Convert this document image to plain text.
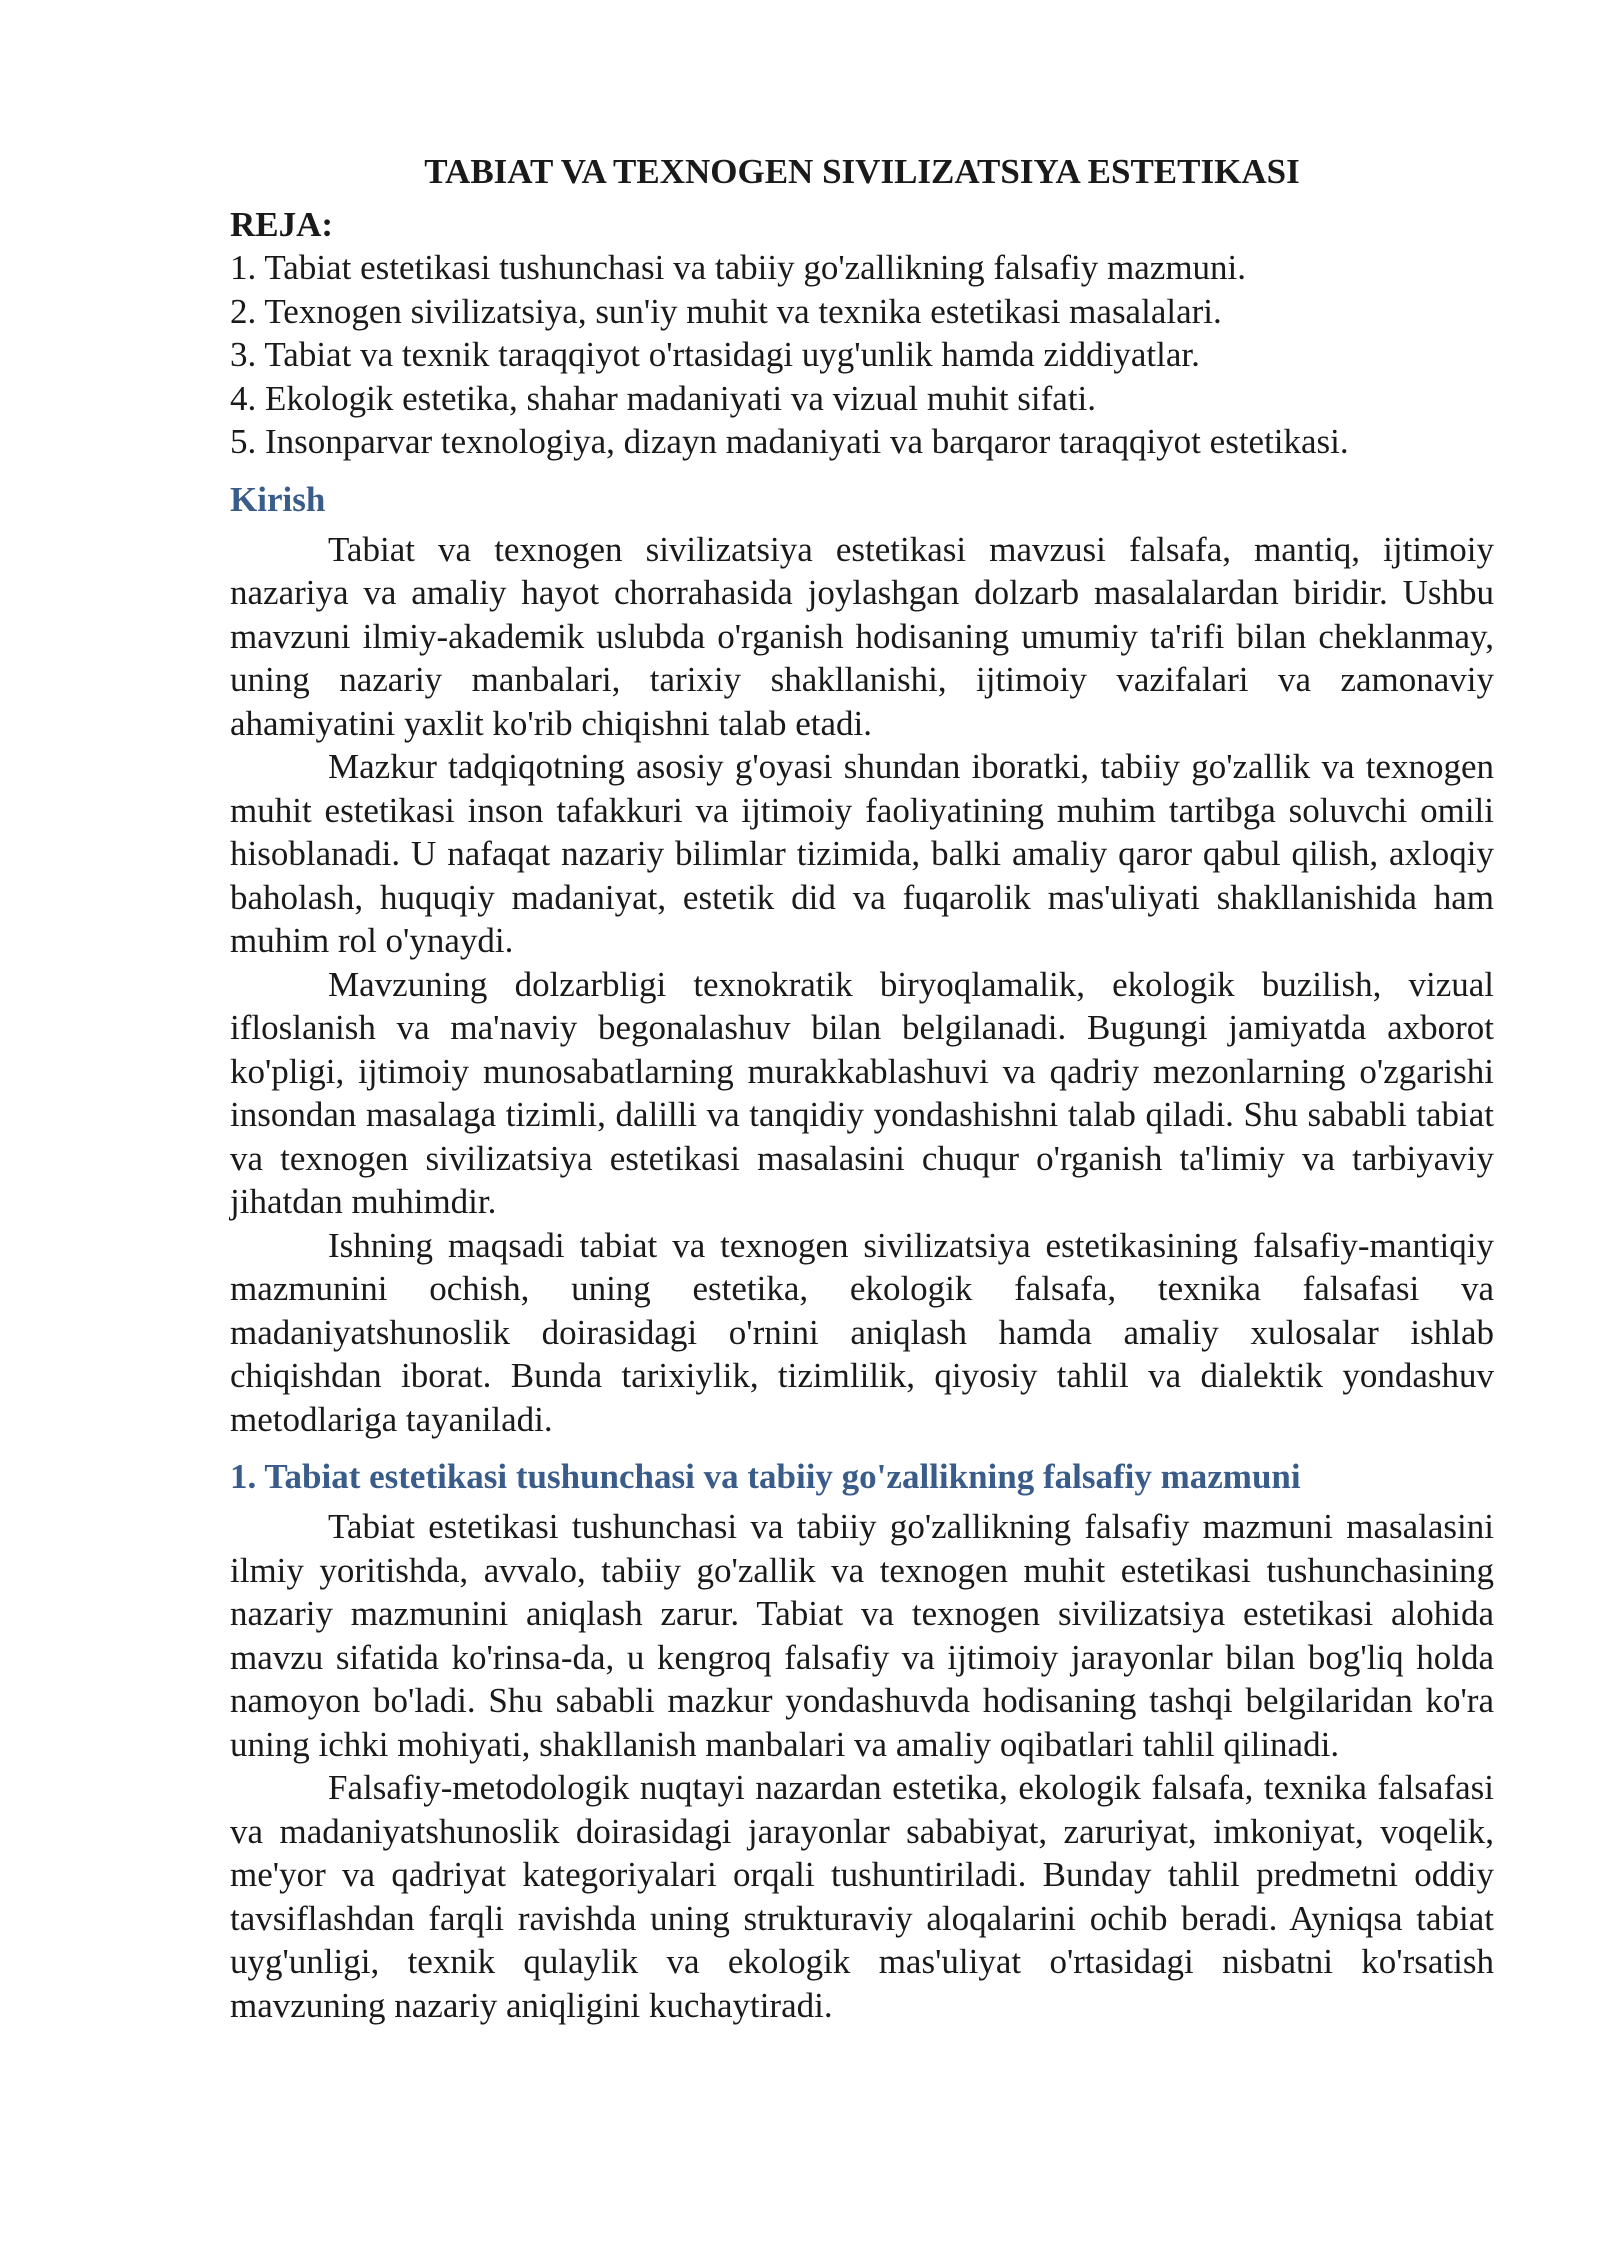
TABIAT VA TEXNOGEN SIVILIZATSIYA ESTETIKASI
REJA:
1. Tabiat estetikasi tushunchasi va tabiiy go'zallikning falsafiy mazmuni.
2. Texnogen sivilizatsiya, sun'iy muhit va texnika estetikasi masalalari.
3. Tabiat va texnik taraqqiyot o'rtasidagi uyg'unlik hamda ziddiyatlar.
4. Ekologik estetika, shahar madaniyati va vizual muhit sifati.
5. Insonparvar texnologiya, dizayn madaniyati va barqaror taraqqiyot estetikasi.
Kirish

Tabiat va texnogen sivilizatsiya estetikasi mavzusi falsafa, mantiq, ijtimoiy nazariya va amaliy hayot chorrahasida joylashgan dolzarb masalalardan biridir. Ushbu mavzuni ilmiy-akademik uslubda o'rganish hodisaning umumiy ta'rifi bilan cheklanmay, uning nazariy manbalari, tarixiy shakllanishi, ijtimoiy vazifalari va zamonaviy ahamiyatini yaxlit ko'rib chiqishni talab etadi.

Mazkur tadqiqotning asosiy g'oyasi shundan iboratki, tabiiy go'zallik va texnogen muhit estetikasi inson tafakkuri va ijtimoiy faoliyatining muhim tartibga soluvchi omili hisoblanadi. U nafaqat nazariy bilimlar tizimida, balki amaliy qaror qabul qilish, axloqiy baholash, huquqiy madaniyat, estetik did va fuqarolik mas'uliyati shakllanishida ham muhim rol o'ynaydi.

Mavzuning dolzarbligi texnokratik biryoqlamalik, ekologik buzilish, vizual ifloslanish va ma'naviy begonalashuv bilan belgilanadi. Bugungi jamiyatda axborot ko'pligi, ijtimoiy munosabatlarning murakkablashuvi va qadriy mezonlarning o'zgarishi insondan masalaga tizimli, dalilli va tanqidiy yondashishni talab qiladi. Shu sababli tabiat va texnogen sivilizatsiya estetikasi masalasini chuqur o'rganish ta'limiy va tarbiyaviy jihatdan muhimdir.

Ishning maqsadi tabiat va texnogen sivilizatsiya estetikasining falsafiy-mantiqiy mazmunini ochish, uning estetika, ekologik falsafa, texnika falsafasi va madaniyatshunoslik doirasidagi o'rnini aniqlash hamda amaliy xulosalar ishlab chiqishdan iborat. Bunda tarixiylik, tizimlilik, qiyosiy tahlil va dialektik yondashuv metodlariga tayaniladi.

1. Tabiat estetikasi tushunchasi va tabiiy go'zallikning falsafiy mazmuni

Tabiat estetikasi tushunchasi va tabiiy go'zallikning falsafiy mazmuni masalasini ilmiy yoritishda, avvalo, tabiiy go'zallik va texnogen muhit estetikasi tushunchasining nazariy mazmunini aniqlash zarur. Tabiat va texnogen sivilizatsiya estetikasi alohida mavzu sifatida ko'rinsa-da, u kengroq falsafiy va ijtimoiy jarayonlar bilan bog'liq holda namoyon bo'ladi. Shu sababli mazkur yondashuvda hodisaning tashqi belgilaridan ko'ra uning ichki mohiyati, shakllanish manbalari va amaliy oqibatlari tahlil qilinadi.

Falsafiy-metodologik nuqtayi nazardan estetika, ekologik falsafa, texnika falsafasi va madaniyatshunoslik doirasidagi jarayonlar sababiyat, zaruriyat, imkoniyat, voqelik, me'yor va qadriyat kategoriyalari orqali tushuntiriladi. Bunday tahlil predmetni oddiy tavsiflashdan farqli ravishda uning strukturaviy aloqalarini ochib beradi. Ayniqsa tabiat uyg'unligi, texnik qulaylik va ekologik mas'uliyat o'rtasidagi nisbatni ko'rsatish mavzuning nazariy aniqligini kuchaytiradi.
